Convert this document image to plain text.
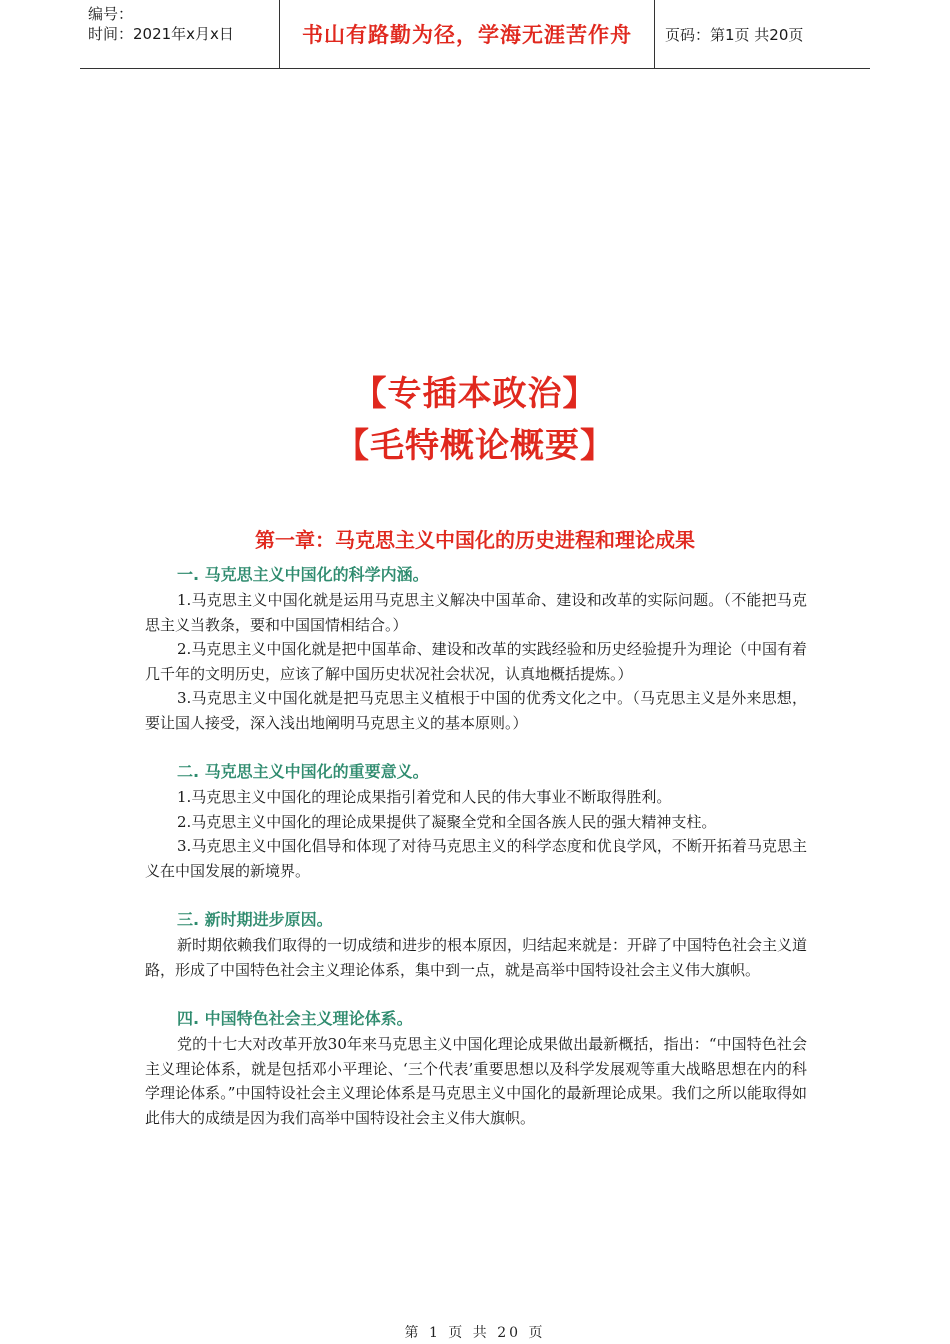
编号：
时间：2021年x月x日	书山有路勤为径，学海无涯苦作舟	页码：第1页 共20页
【专插本政治】
【毛特概论概要】
第一章：马克思主义中国化的历史进程和理论成果
一. 马克思主义中国化的科学内涵。

1.马克思主义中国化就是运用马克思主义解决中国革命、建设和改革的实际问题。（不能把马克思主义当教条，要和中国国情相结合。）

2.马克思主义中国化就是把中国革命、建设和改革的实践经验和历史经验提升为理论（中国有着几千年的文明历史，应该了解中国历史状况社会状况，认真地概括提炼。）

3.马克思主义中国化就是把马克思主义植根于中国的优秀文化之中。（马克思主义是外来思想，要让国人接受，深入浅出地阐明马克思主义的基本原则。）

二. 马克思主义中国化的重要意义。

1.马克思主义中国化的理论成果指引着党和人民的伟大事业不断取得胜利。

2.马克思主义中国化的理论成果提供了凝聚全党和全国各族人民的强大精神支柱。

3.马克思主义中国化倡导和体现了对待马克思主义的科学态度和优良学风，不断开拓着马克思主义在中国发展的新境界。

三. 新时期进步原因。

新时期依赖我们取得的一切成绩和进步的根本原因，归结起来就是：开辟了中国特色社会主义道路，形成了中国特色社会主义理论体系，集中到一点，就是高举中国特设社会主义伟大旗帜。

四. 中国特色社会主义理论体系。

党的十七大对改革开放30年来马克思主义中国化理论成果做出最新概括，指出：“中国特色社会主义理论体系，就是包括邓小平理论、‘三个代表’重要思想以及科学发展观等重大战略思想在内的科学理论体系。”中国特设社会主义理论体系是马克思主义中国化的最新理论成果。我们之所以能取得如此伟大的成绩是因为我们高举中国特设社会主义伟大旗帜。

第 1 页 共 20 页
